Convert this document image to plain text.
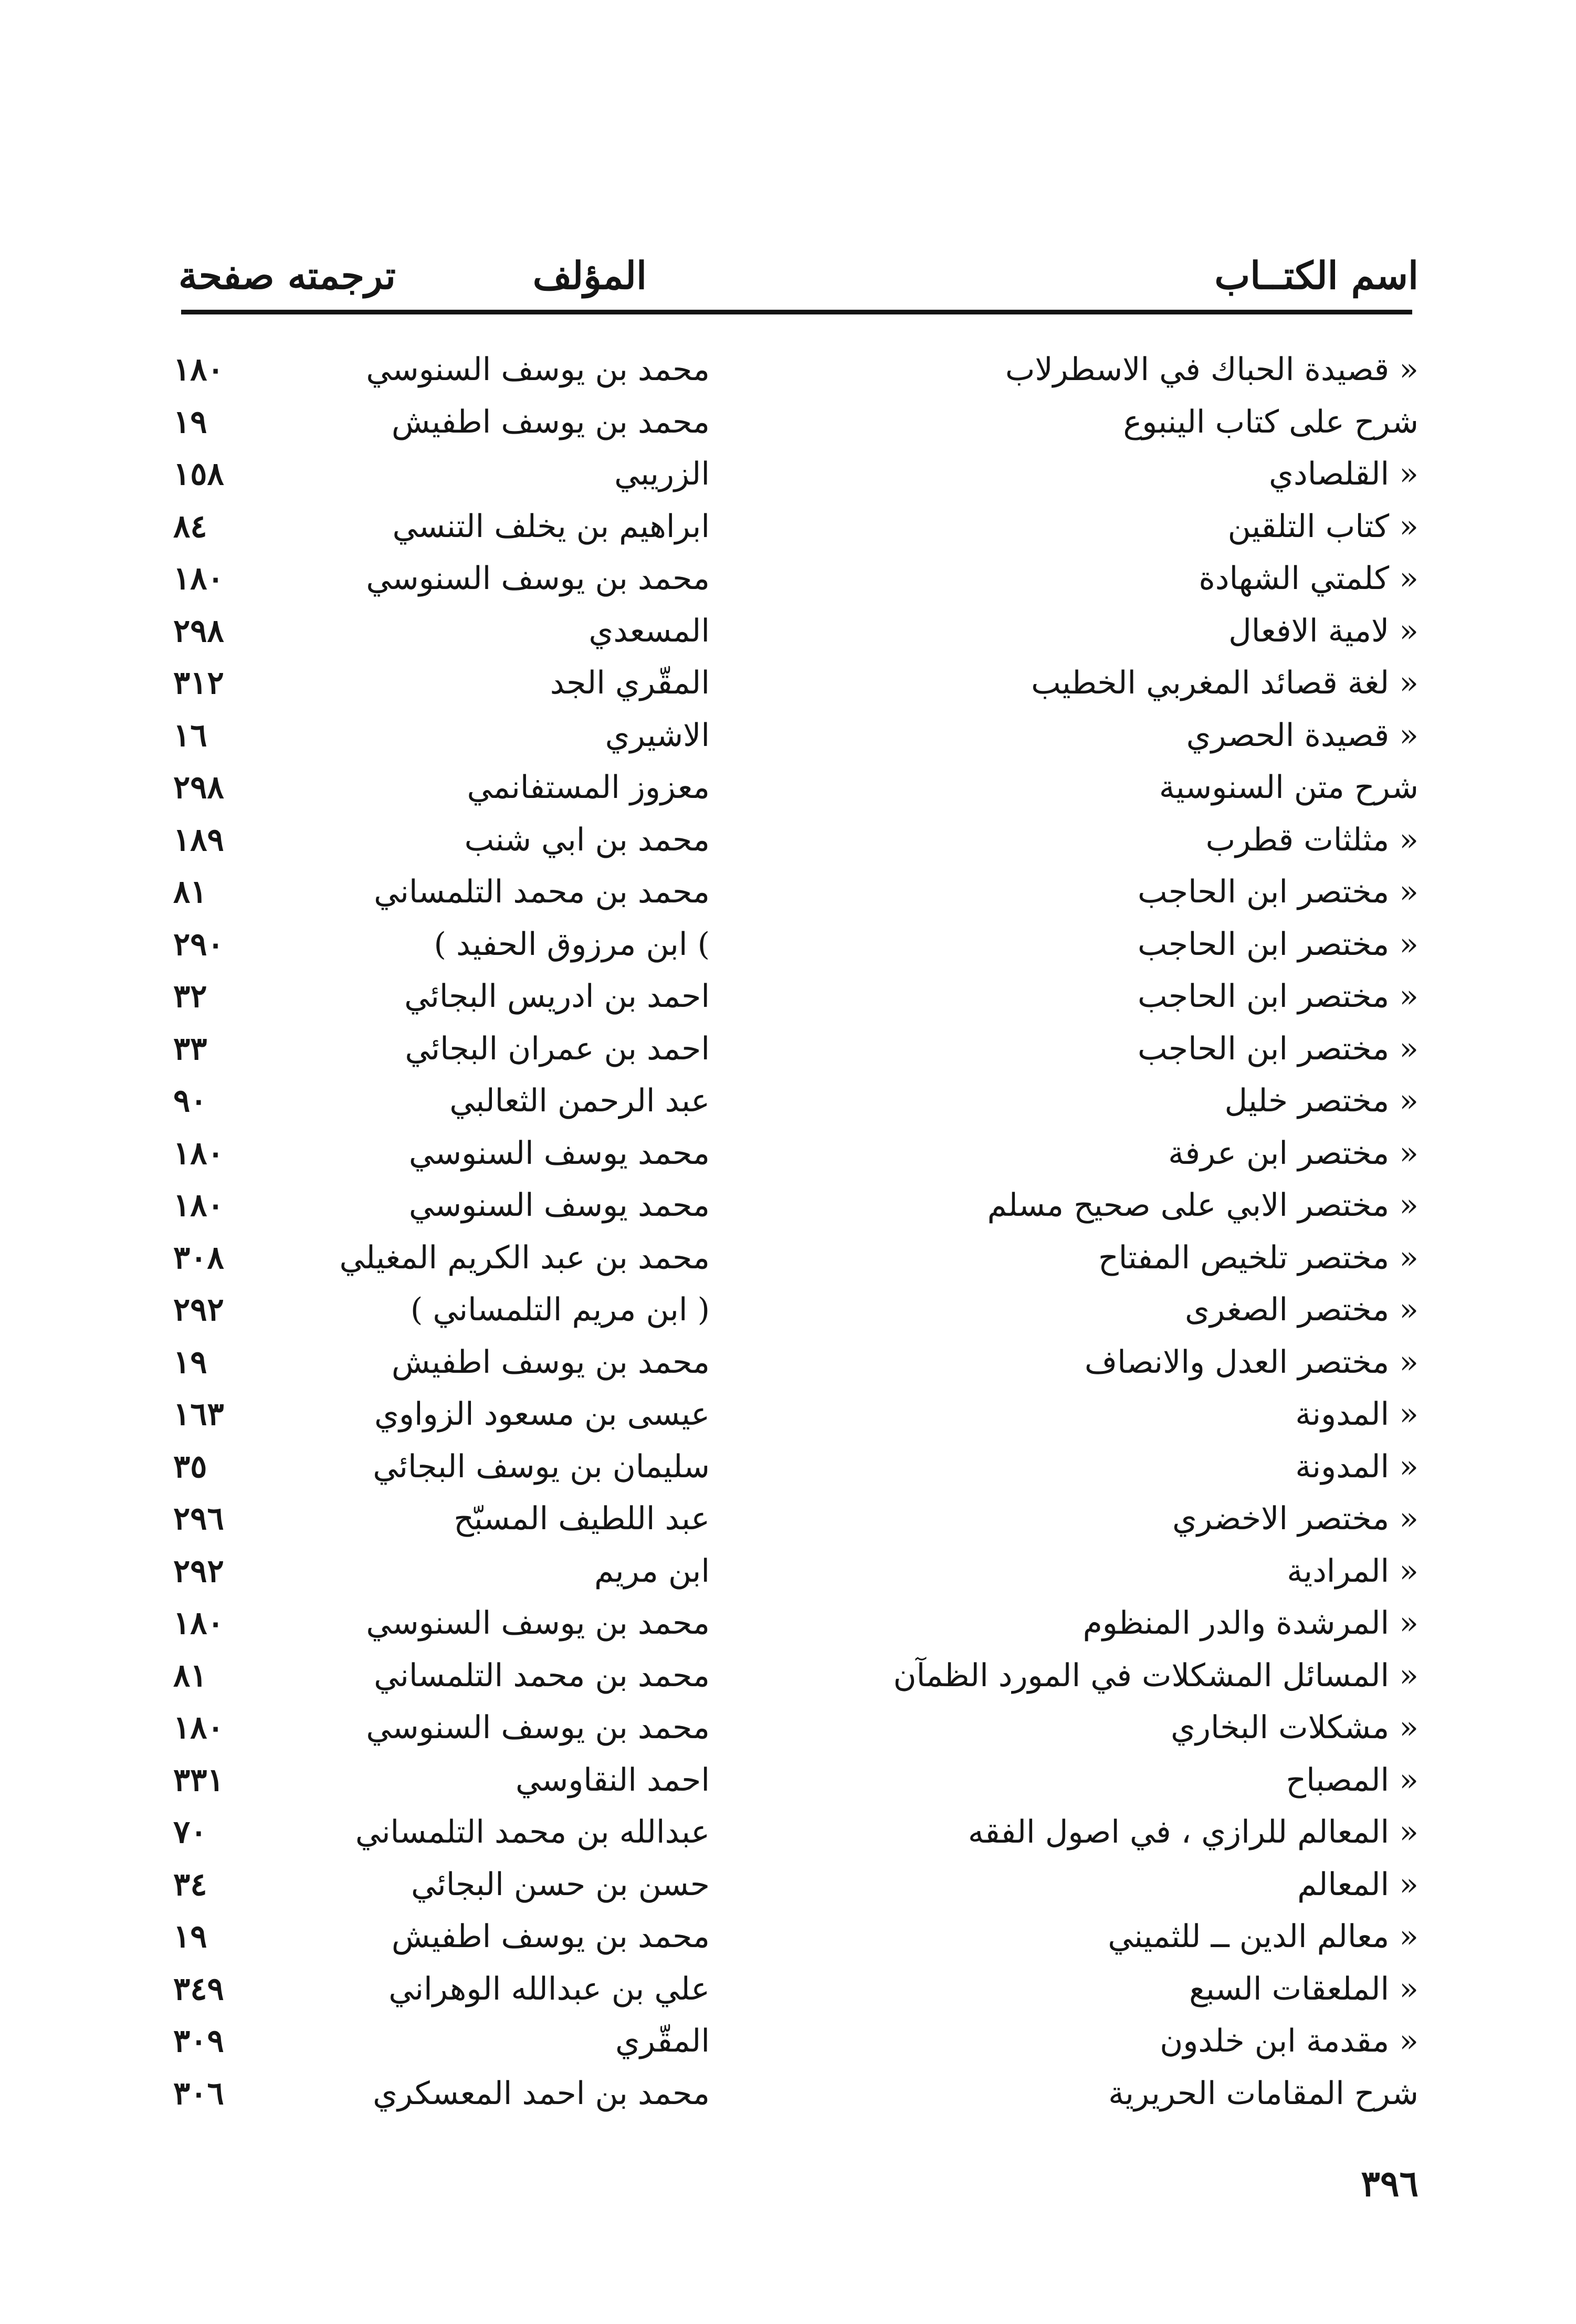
اسم الكتــاب
المؤلف
ترجمته صفحة
« قصيدة الحباك في الاسطرلاب
محمد بن يوسف السنوسي
١٨٠
شرح على كتاب الينبوع
محمد بن يوسف اطفيش
١٩
« القلصادي
الزريبي
١٥٨
« كتاب التلقين
ابراهيم بن يخلف التنسي
٨٤
« كلمتي الشهادة
محمد بن يوسف السنوسي
١٨٠
« لامية الافعال
المسعدي
٢٩٨
« لغة قصائد المغربي الخطيب
المقّري الجد
٣١٢
« قصيدة الحصري
الاشيري
١٦
شرح متن السنوسية
معزوز المستفانمي
٢٩٨
« مثلثات قطرب
محمد بن ابي شنب
١٨٩
« مختصر ابن الحاجب
محمد بن محمد التلمساني
٨١
« مختصر ابن الحاجب
) ابن مرزوق الحفيد )
٢٩٠
« مختصر ابن الحاجب
احمد بن ادريس البجائي
٣٢
« مختصر ابن الحاجب
احمد بن عمران البجائي
٣٣
« مختصر خليل
عبد الرحمن الثعالبي
٩٠
« مختصر ابن عرفة
محمد يوسف السنوسي
١٨٠
« مختصر الابي على صحيح مسلم
محمد يوسف السنوسي
١٨٠
« مختصر تلخيص المفتاح
محمد بن عبد الكريم المغيلي
٣٠٨
« مختصر الصغرى
( ابن مريم التلمساني )
٢٩٢
« مختصر العدل والانصاف
محمد بن يوسف اطفيش
١٩
« المدونة
عيسى بن مسعود الزواوي
١٦٣
« المدونة
سليمان بن يوسف البجائي
٣٥
« مختصر الاخضري
عبد اللطيف المسبّح
٢٩٦
« المرادية
ابن مريم
٢٩٢
« المرشدة والدر المنظوم
محمد بن يوسف السنوسي
١٨٠
« المسائل المشكلات في المورد الظمآن
محمد بن محمد التلمساني
٨١
« مشكلات البخاري
محمد بن يوسف السنوسي
١٨٠
« المصباح
احمد النقاوسي
٣٣١
« المعالم للرازي ، في اصول الفقه
عبدالله بن محمد التلمساني
٧٠
« المعالم
حسن بن حسن البجائي
٣٤
« معالم الدين ــ للثميني
محمد بن يوسف اطفيش
١٩
« الملعقات السبع
علي بن عبدالله الوهراني
٣٤٩
« مقدمة ابن خلدون
المقّري
٣٠٩
شرح المقامات الحريرية
محمد بن احمد المعسكري
٣٠٦
٣٩٦
